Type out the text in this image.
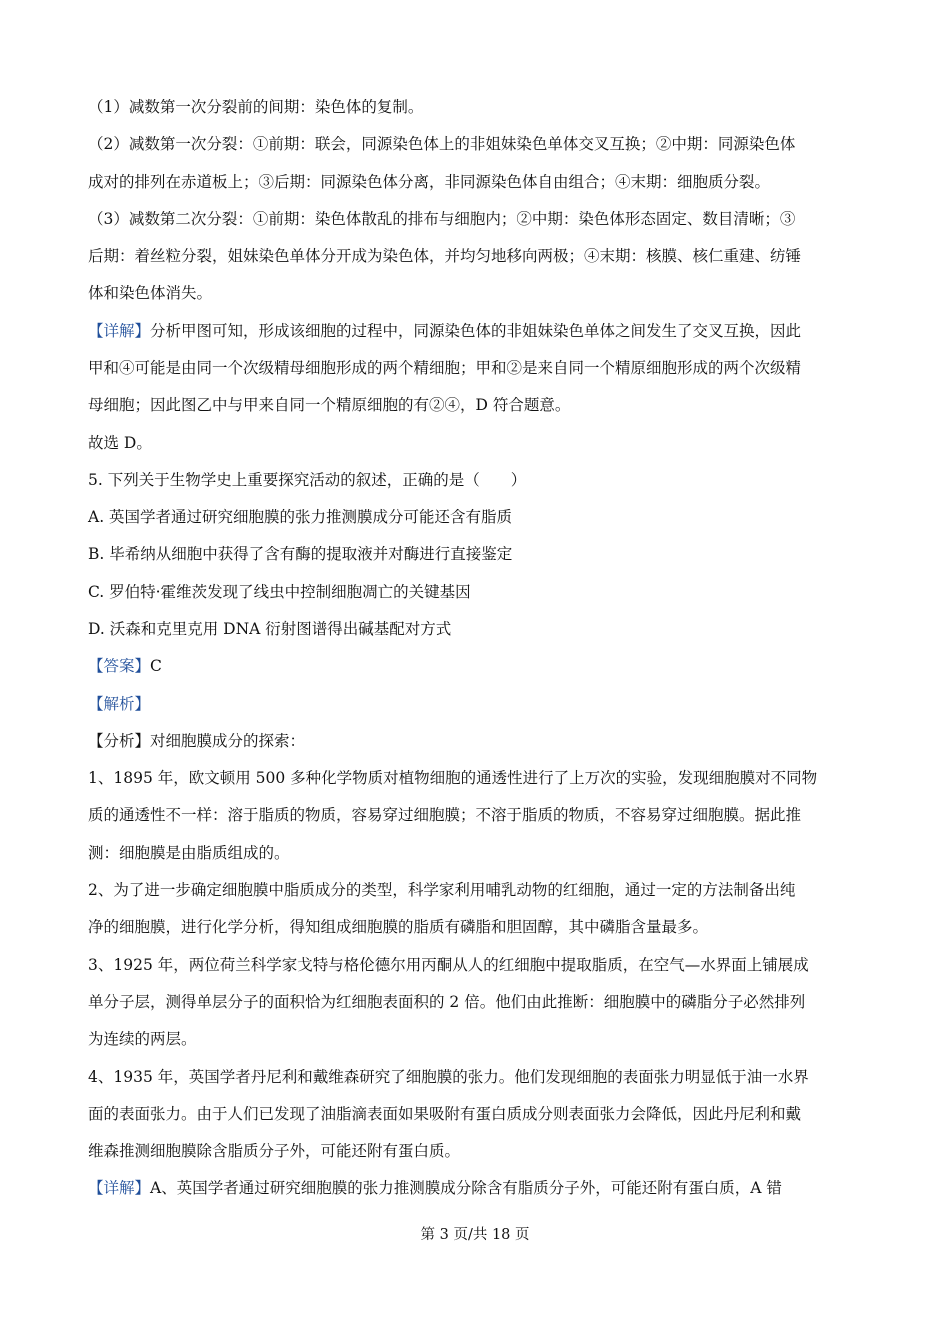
（1）减数第一次分裂前的间期：染色体的复制。
（2）减数第一次分裂：①前期：联会，同源染色体上的非姐妹染色单体交叉互换；②中期：同源染色体
成对的排列在赤道板上；③后期：同源染色体分离，非同源染色体自由组合；④末期：细胞质分裂。
（3）减数第二次分裂：①前期：染色体散乱的排布与细胞内；②中期：染色体形态固定、数目清晰；③
后期：着丝粒分裂，姐妹染色单体分开成为染色体，并均匀地移向两极；④末期：核膜、核仁重建、纺锤
体和染色体消失。
【详解】分析甲图可知，形成该细胞的过程中，同源染色体的非姐妹染色单体之间发生了交叉互换，因此
甲和④可能是由同一个次级精母细胞形成的两个精细胞；甲和②是来自同一个精原细胞形成的两个次级精
母细胞；因此图乙中与甲来自同一个精原细胞的有②④，D 符合题意。
故选 D。
5. 下列关于生物学史上重要探究活动的叙述，正确的是（　　）
A. 英国学者通过研究细胞膜的张力推测膜成分可能还含有脂质
B. 毕希纳从细胞中获得了含有酶的提取液并对酶进行直接鉴定
C. 罗伯特·霍维茨发现了线虫中控制细胞凋亡的关键基因
D. 沃森和克里克用 DNA 衍射图谱得出碱基配对方式
【答案】C
【解析】
【分析】对细胞膜成分的探索：
1、1895 年，欧文顿用 500 多种化学物质对植物细胞的通透性进行了上万次的实验，发现细胞膜对不同物
质的通透性不一样：溶于脂质的物质，容易穿过细胞膜；不溶于脂质的物质，不容易穿过细胞膜。据此推
测：细胞膜是由脂质组成的。
2、为了进一步确定细胞膜中脂质成分的类型，科学家利用哺乳动物的红细胞，通过一定的方法制备出纯
净的细胞膜，进行化学分析，得知组成细胞膜的脂质有磷脂和胆固醇，其中磷脂含量最多。
3、1925 年，两位荷兰科学家戈特与格伦德尔用丙酮从人的红细胞中提取脂质，在空气—水界面上铺展成
单分子层，测得单层分子的面积恰为红细胞表面积的 2 倍。他们由此推断：细胞膜中的磷脂分子必然排列
为连续的两层。
4、1935 年，英国学者丹尼利和戴维森研究了细胞膜的张力。他们发现细胞的表面张力明显低于油一水界
面的表面张力。由于人们已发现了油脂滴表面如果吸附有蛋白质成分则表面张力会降低，因此丹尼利和戴
维森推测细胞膜除含脂质分子外，可能还附有蛋白质。
【详解】A、英国学者通过研究细胞膜的张力推测膜成分除含有脂质分子外，可能还附有蛋白质，A 错
第 3 页/共 18 页
